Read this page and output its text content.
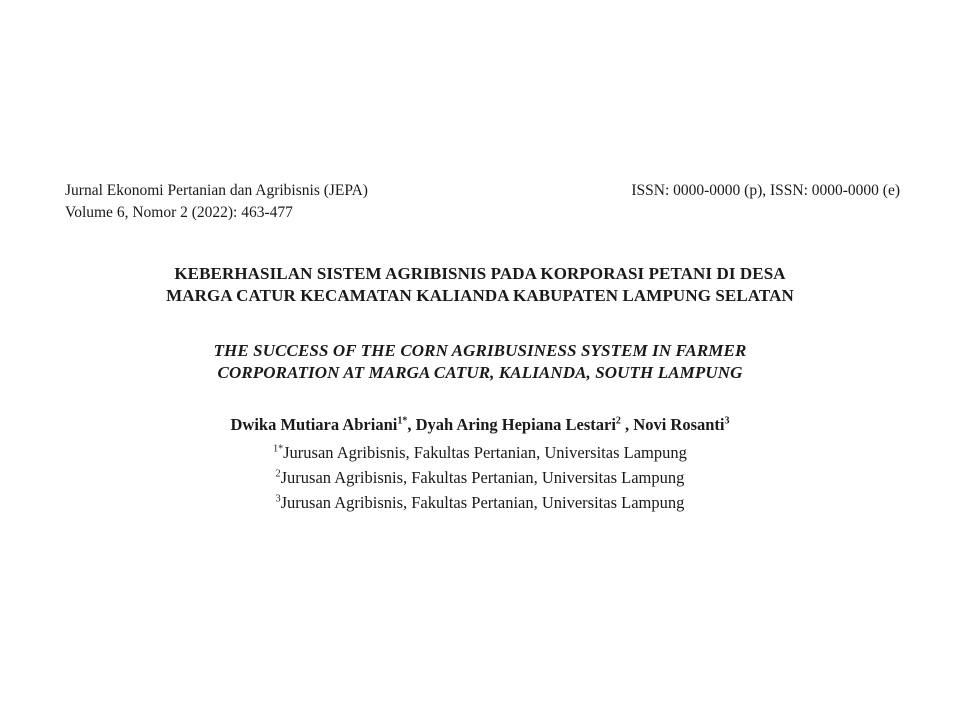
Jurnal Ekonomi Pertanian dan Agribisnis (JEPA)
Volume 6, Nomor 2 (2022): 463-477
ISSN: 0000-0000 (p), ISSN: 0000-0000 (e)
KEBERHASILAN SISTEM AGRIBISNIS PADA KORPORASI PETANI DI DESA
MARGA CATUR KECAMATAN KALIANDA KABUPATEN LAMPUNG SELATAN
THE SUCCESS OF THE CORN AGRIBUSINESS SYSTEM IN FARMER
CORPORATION AT MARGA CATUR, KALIANDA, SOUTH LAMPUNG
Dwika Mutiara Abriani$^{1*}$, Dyah Aring Hepiana Lestari$^2$ , Novi Rosanti$^3$
$^{1*}$Jurusan Agribisnis, Fakultas Pertanian, Universitas Lampung
$^2$Jurusan Agribisnis, Fakultas Pertanian, Universitas Lampung
$^3$Jurusan Agribisnis, Fakultas Pertanian, Universitas Lampung
